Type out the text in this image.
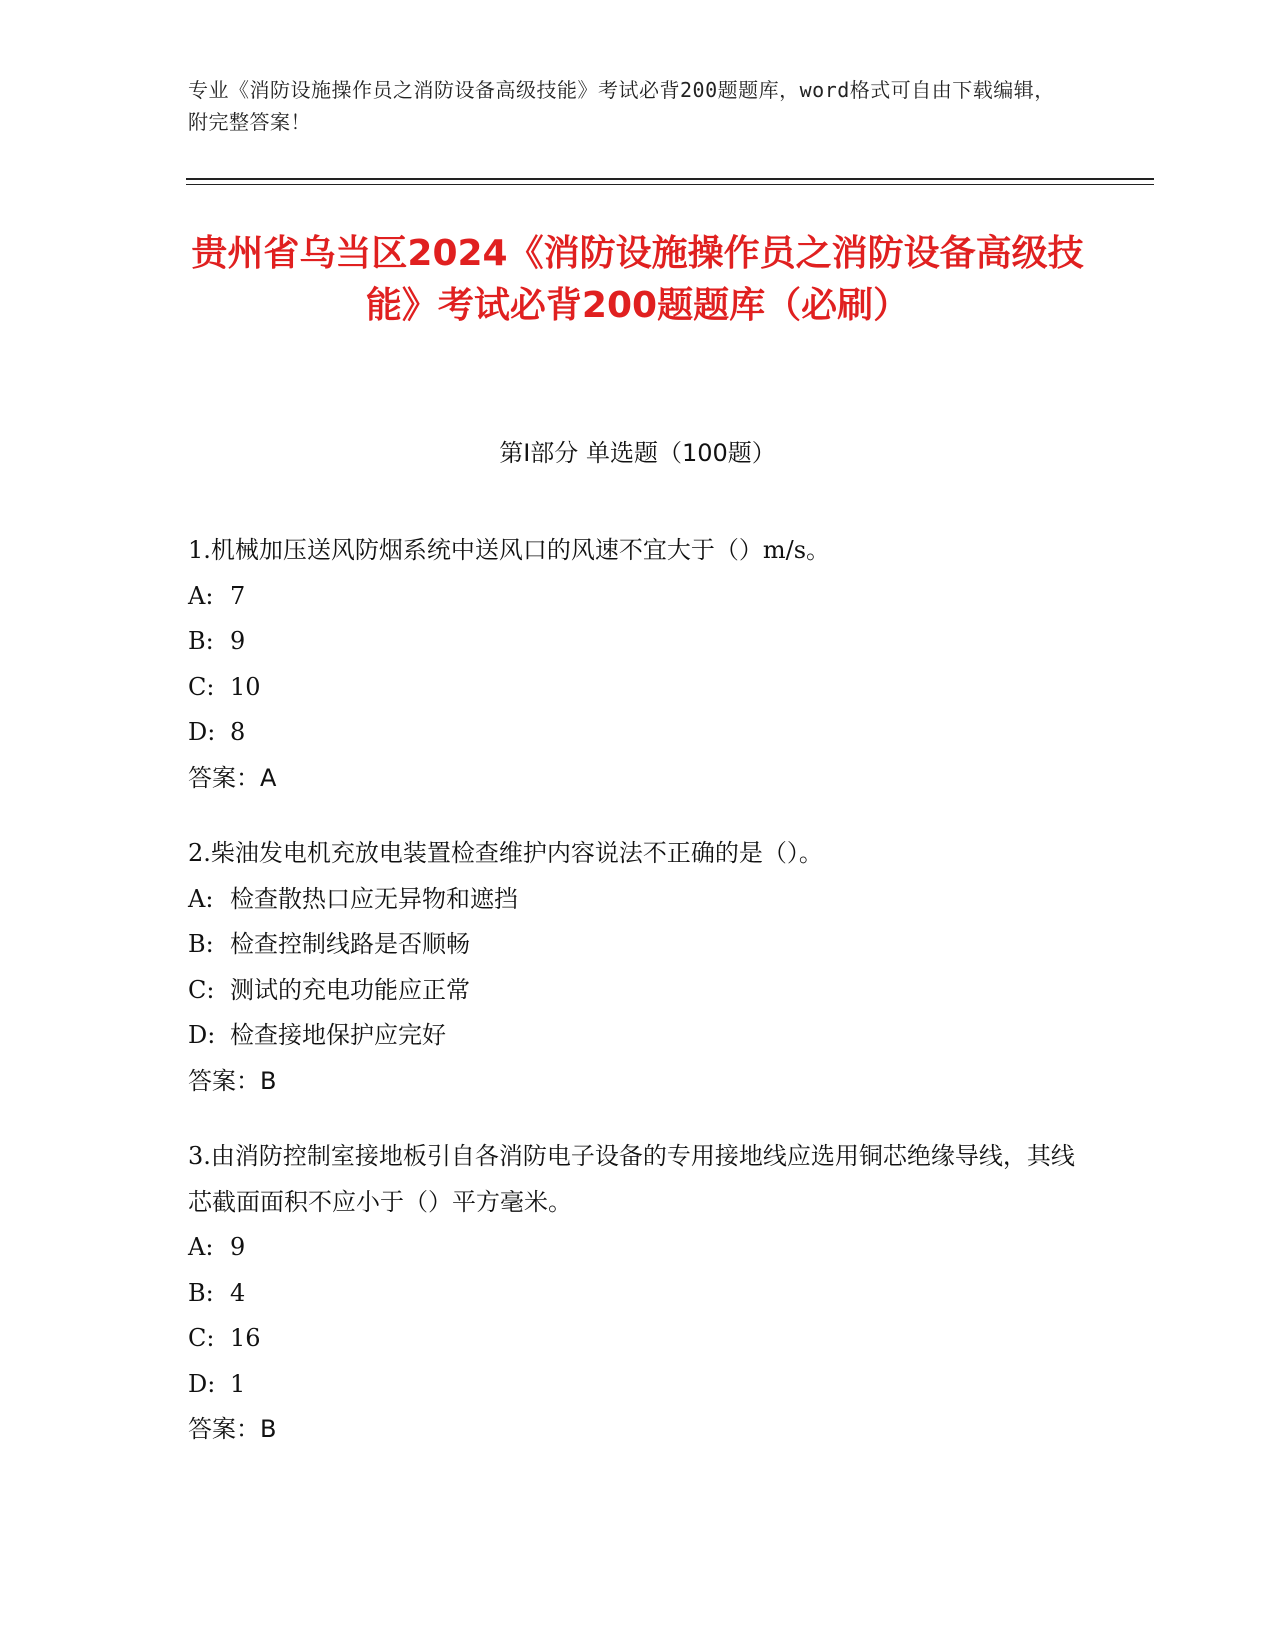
专业《消防设施操作员之消防设备高级技能》考试必背200题题库，word格式可自由下载编辑，附完整答案！
贵州省乌当区2024《消防设施操作员之消防设备高级技能》考试必背200题题库（必刷）
第I部分 单选题（100题）
1.机械加压送风防烟系统中送风口的风速不宜大于（）m/s。
A: 7
B: 9
C: 10
D: 8
答案：A
2.柴油发电机充放电装置检查维护内容说法不正确的是（）。
A: 检查散热口应无异物和遮挡
B: 检查控制线路是否顺畅
C: 测试的充电功能应正常
D: 检查接地保护应完好
答案：B
3.由消防控制室接地板引自各消防电子设备的专用接地线应选用铜芯绝缘导线，其线芯截面面积不应小于（）平方毫米。
A: 9
B: 4
C: 16
D: 1
答案：B
